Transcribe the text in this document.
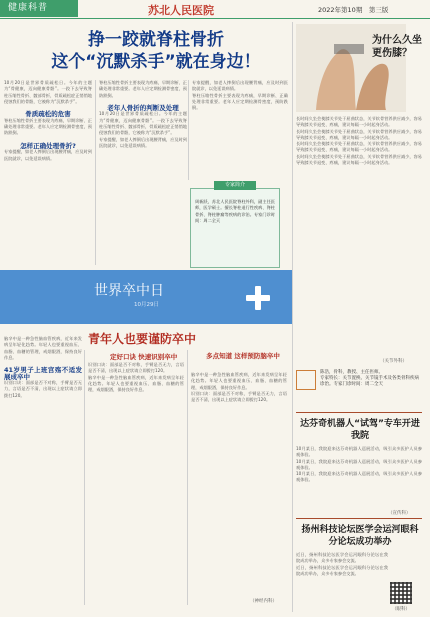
健康科普	苏北人民医院	2022年第10期　第三版
挣一跤就脊柱骨折
这个“沉默杀手”就在身边！
10月20日是世界骨质疏松日。今年的主题为“骨健康，迈向健康骨骼”。一跤下去导致脊柱压缩性骨折、髋部骨折，骨质疏松症正悄悄地侵蚀我们的骨骼，它被称为“沉默杀手”。

骨质疏松的危害
脊柱压缩性骨折主要表现为疼痛，早期诊断、正确处理非常重要。老年人应定期检测骨密度，预防跌倒。

怎样正确处理骨折?
专家提醒，如老人摔倒后出现腰背痛，应及时到医院就诊，以免延误病情。
脊柱压缩性骨折主要表现为疼痛，早期诊断、正确处理非常重要。老年人应定期检测骨密度，预防跌倒。

老年人骨折的判断及处理
10月20日是世界骨质疏松日。今年的主题为“骨健康，迈向健康骨骼”。一跤下去导致脊柱压缩性骨折、髋部骨折，骨质疏松症正悄悄地侵蚀我们的骨骼，它被称为“沉默杀手”。
专家提醒，如老人摔倒后出现腰背痛，应及时到医院就诊，以免延误病情。
专家提醒，如老人摔倒后出现腰背痛，应及时到医院就诊，以免延误病情。
脊柱压缩性骨折主要表现为疼痛，早期诊断、正确处理非常重要。老年人应定期检测骨密度，预防跌倒。
周新跃，苏北人民医院脊柱外科，副主任医师，医学硕士。擅长脊柱退行性疾病、脊柱骨折、脊柱肿瘤等疾病的诊治。专家门诊时间：周二全天
专家简介
世界卒中日
10月29日
青年人也要谨防卒中
脑卒中是一种急性脑血管疾病，近年来发病呈年轻化趋势。年轻人也要重视血压、血脂、血糖的管理，戒烟限酒，保持良好作息。

41岁男子上班宫殇不适发展成卒中
识别口诀：面部是否不对称，手臂是否无力，言语是否不清，出现以上症状请立即拨打120。
定好口诀 快速识别卒中
识别口诀：面部是否不对称，手臂是否无力，言语是否不清，出现以上症状请立即拨打120。
脑卒中是一种急性脑血管疾病，近年来发病呈年轻化趋势。年轻人也要重视血压、血脂、血糖的管理，戒烟限酒，保持良好作息。
多点知道 这样预防脑卒中
脑卒中是一种急性脑血管疾病，近年来发病呈年轻化趋势。年轻人也要重视血压、血脂、血糖的管理，戒烟限酒，保持良好作息。
识别口诀：面部是否不对称，手臂是否无力，言语是否不清，出现以上症状请立即拨打120。
（神经内科）
为什么久坐更伤膝？
长时间久坐会使膝关节处于屈曲状态，关节软骨营养供应减少，容易导致膝关节退变、疼痛，建议每隔一小时起身活动。
长时间久坐会使膝关节处于屈曲状态，关节软骨营养供应减少，容易导致膝关节退变、疼痛，建议每隔一小时起身活动。
长时间久坐会使膝关节处于屈曲状态，关节软骨营养供应减少，容易导致膝关节退变、疼痛，建议每隔一小时起身活动。
长时间久坐会使膝关节处于屈曲状态，关节软骨营养供应减少，容易导致膝关节退变、疼痛，建议每隔一小时起身活动。
（关节外科）
陈浩，骨科，教授、主任医师。
专家特长：关节置换、关节镜手术及各类骨科疾病诊治。专家门诊时间：周二全天
达芬奇机器人“试驾”专车开进我院
10月某日，我院迎来达芬奇机器人巡展活动，吸引众多医护人员参观体验。
10月某日，我院迎来达芬奇机器人巡展活动，吸引众多医护人员参观体验。
10月某日，我院迎来达芬奇机器人巡展活动，吸引众多医护人员参观体验。
（宣传科）
扬州科技论坛医学会运河眼科分论坛成功举办
近日，扬州科技论坛医学会运河眼科分论坛在我院成功举办，众多专家参会交流。
近日，扬州科技论坛医学会运河眼科分论坛在我院成功举办，众多专家参会交流。
（眼科）
